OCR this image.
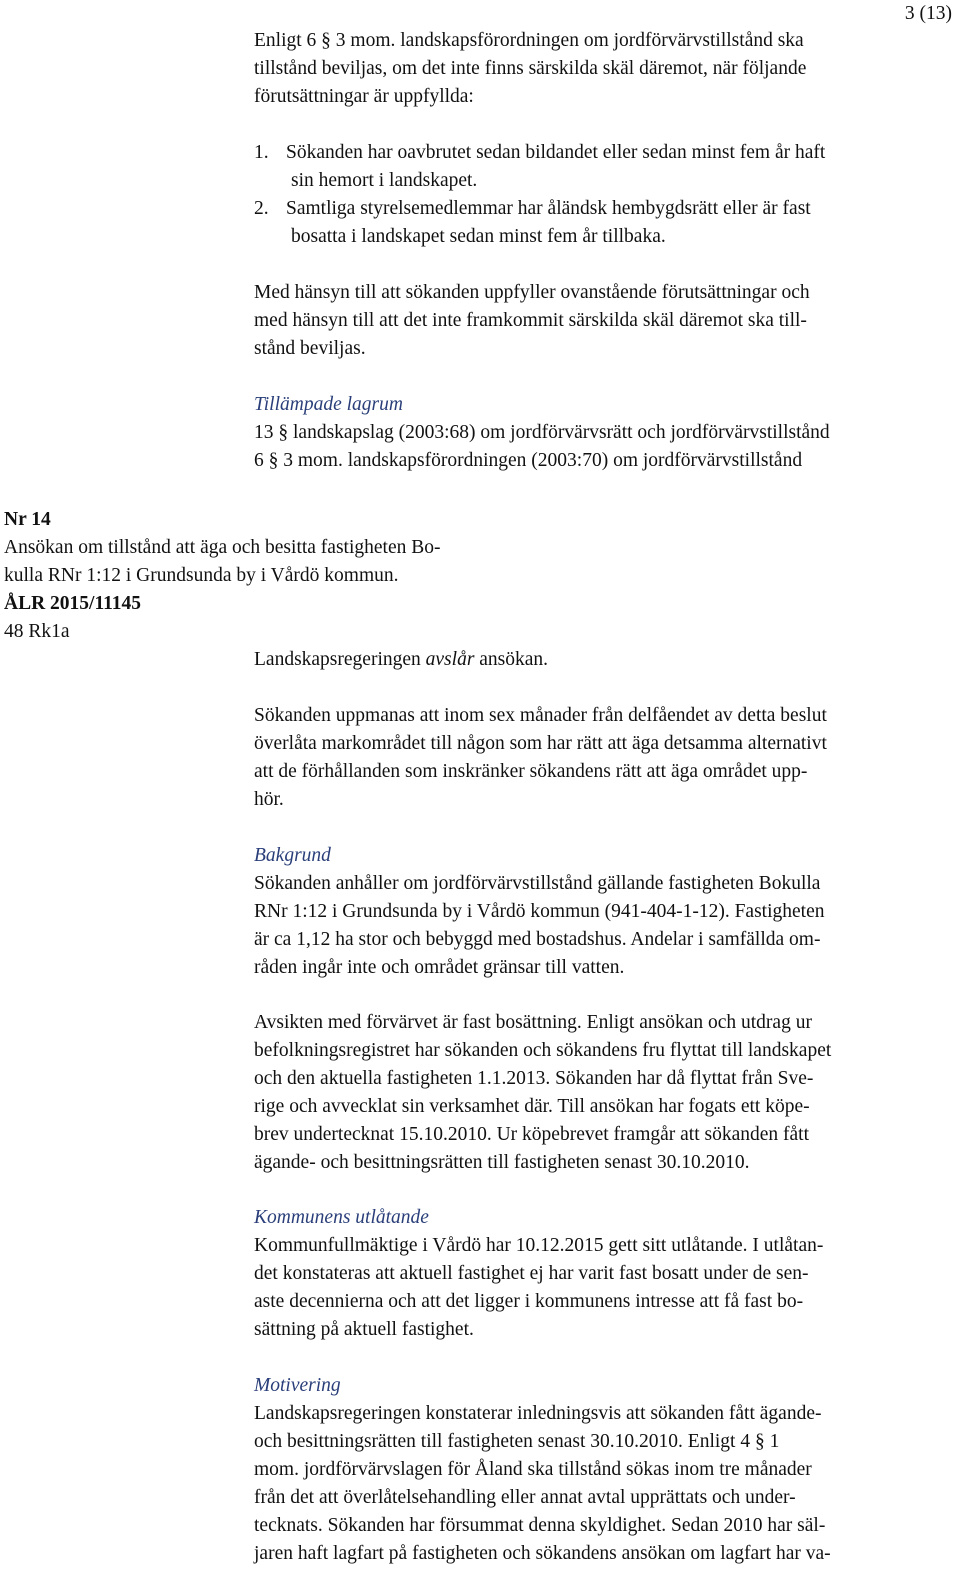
3 (13)
Enligt 6 § 3 mom. landskapsförordningen om jordförvärvstillstånd ska
tillstånd beviljas, om det inte finns särskilda skäl däremot, när följande
förutsättningar är uppfyllda:
1. Sökanden har oavbrutet sedan bildandet eller sedan minst fem år haft
sin hemort i landskapet.
2. Samtliga styrelsemedlemmar har åländsk hembygdsrätt eller är fast
bosatta i landskapet sedan minst fem år tillbaka.
Med hänsyn till att sökanden uppfyller ovanstående förutsättningar och
med hänsyn till att det inte framkommit särskilda skäl däremot ska till-
stånd beviljas.
Tillämpade lagrum
13 § landskapslag (2003:68) om jordförvärvsrätt och jordförvärvstillstånd
6 § 3 mom. landskapsförordningen (2003:70) om jordförvärvstillstånd
Nr 14
Ansökan om tillstånd att äga och besitta fastigheten Bo-
kulla RNr 1:12 i Grundsunda by i Vårdö kommun.
ÅLR 2015/11145
48 Rk1a
Landskapsregeringen avslår ansökan.
Sökanden uppmanas att inom sex månader från delfåendet av detta beslut
överlåta markområdet till någon som har rätt att äga detsamma alternativt
att de förhållanden som inskränker sökandens rätt att äga området upp-
hör.
Bakgrund
Sökanden anhåller om jordförvärvstillstånd gällande fastigheten Bokulla
RNr 1:12 i Grundsunda by i Vårdö kommun (941-404-1-12). Fastigheten
är ca 1,12 ha stor och bebyggd med bostadshus. Andelar i samfällda om-
råden ingår inte och området gränsar till vatten.
Avsikten med förvärvet är fast bosättning. Enligt ansökan och utdrag ur
befolkningsregistret har sökanden och sökandens fru flyttat till landskapet
och den aktuella fastigheten 1.1.2013. Sökanden har då flyttat från Sve-
rige och avvecklat sin verksamhet där. Till ansökan har fogats ett köpe-
brev undertecknat 15.10.2010. Ur köpebrevet framgår att sökanden fått
ägande- och besittningsrätten till fastigheten senast 30.10.2010.
Kommunens utlåtande
Kommunfullmäktige i Vårdö har 10.12.2015 gett sitt utlåtande. I utlåtan-
det konstateras att aktuell fastighet ej har varit fast bosatt under de sen-
aste decennierna och att det ligger i kommunens intresse att få fast bo-
sättning på aktuell fastighet.
Motivering
Landskapsregeringen konstaterar inledningsvis att sökanden fått ägande-
och besittningsrätten till fastigheten senast 30.10.2010. Enligt 4 § 1
mom. jordförvärvslagen för Åland ska tillstånd sökas inom tre månader
från det att överlåtelsehandling eller annat avtal upprättats och under-
tecknats. Sökanden har försummat denna skyldighet. Sedan 2010 har säl-
jaren haft lagfart på fastigheten och sökandens ansökan om lagfart har va-
